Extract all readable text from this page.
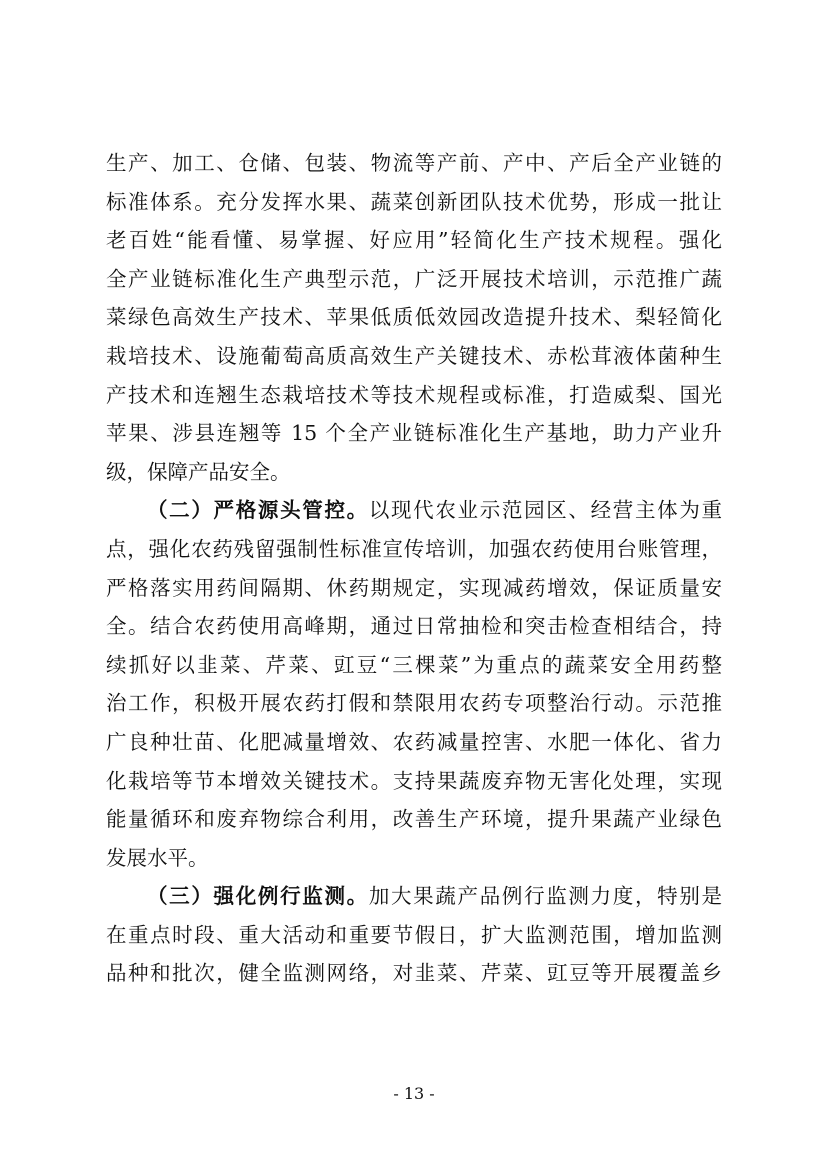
生产、加工、仓储、包装、物流等产前、产中、产后全产业链的
标准体系。充分发挥水果、蔬菜创新团队技术优势，形成一批让
老百姓“能看懂、易掌握、好应用”轻简化生产技术规程。强化
全产业链标准化生产典型示范，广泛开展技术培训，示范推广蔬
菜绿色高效生产技术、苹果低质低效园改造提升技术、梨轻简化
栽培技术、设施葡萄高质高效生产关键技术、赤松茸液体菌种生
产技术和连翘生态栽培技术等技术规程或标准，打造威梨、国光
苹果、涉县连翘等 15 个全产业链标准化生产基地，助力产业升
级，保障产品安全。
（二）严格源头管控。以现代农业示范园区、经营主体为重
点，强化农药残留强制性标准宣传培训，加强农药使用台账管理，
严格落实用药间隔期、休药期规定，实现减药增效，保证质量安
全。结合农药使用高峰期，通过日常抽检和突击检查相结合，持
续抓好以韭菜、芹菜、豇豆“三棵菜”为重点的蔬菜安全用药整
治工作，积极开展农药打假和禁限用农药专项整治行动。示范推
广良种壮苗、化肥减量增效、农药减量控害、水肥一体化、省力
化栽培等节本增效关键技术。支持果蔬废弃物无害化处理，实现
能量循环和废弃物综合利用，改善生产环境，提升果蔬产业绿色
发展水平。
（三）强化例行监测。加大果蔬产品例行监测力度，特别是
在重点时段、重大活动和重要节假日，扩大监测范围，增加监测
品种和批次，健全监测网络，对韭菜、芹菜、豇豆等开展覆盖乡
- 13 -
